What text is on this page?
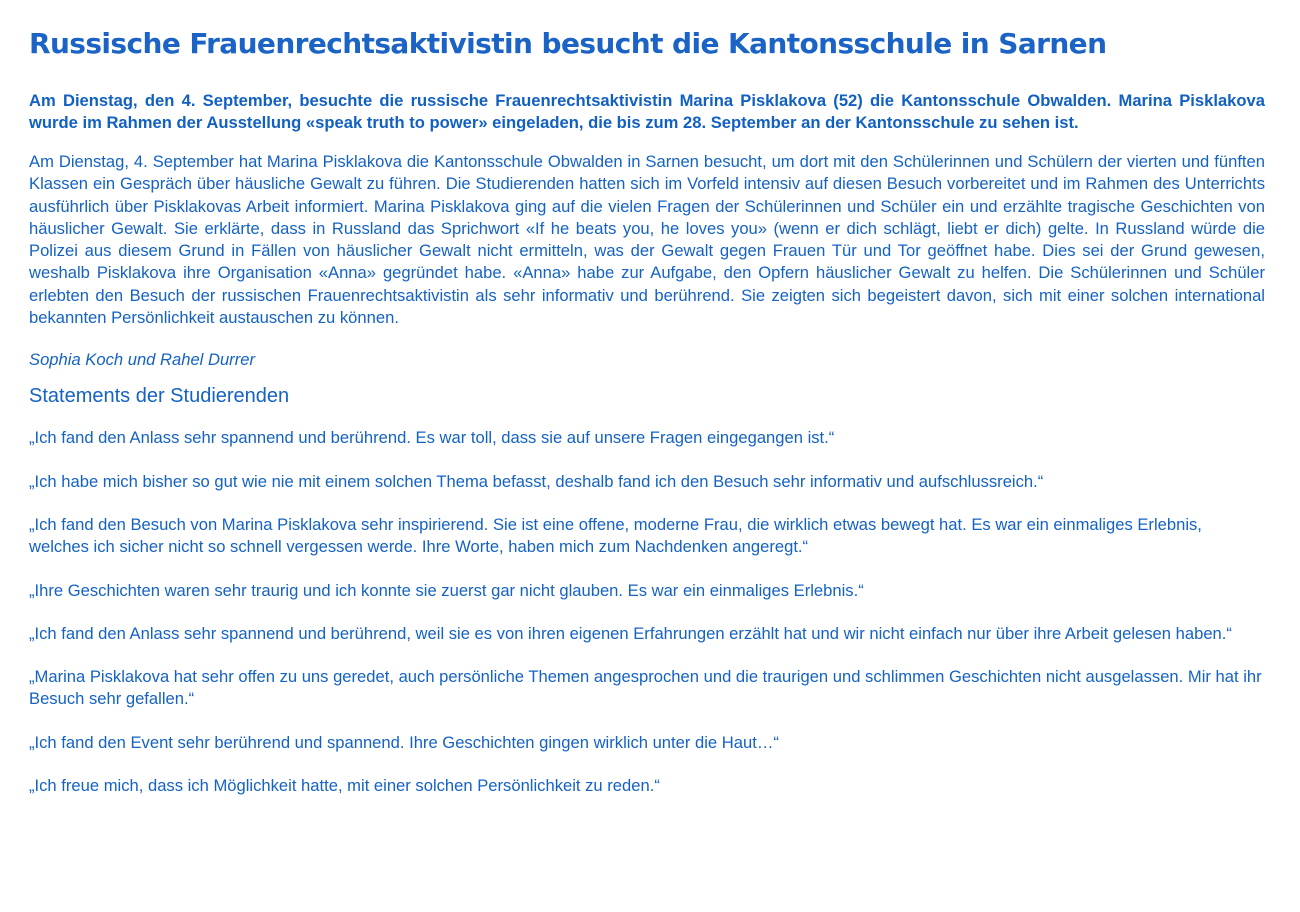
Russische Frauenrechtsaktivistin besucht die Kantonsschule in Sarnen

Am Dienstag, den 4. September, besuchte die russische Frauenrechtsaktivistin Marina Pisklakova (52) die Kantonsschule Obwalden. Marina Pisklakova wurde im Rahmen der Ausstellung «speak truth to power» eingeladen, die bis zum 28. September an der Kantonsschule zu sehen ist.

Am Dienstag, 4. September hat Marina Pisklakova die Kantonsschule Obwalden in Sarnen besucht, um dort mit den Schülerinnen und Schülern der vierten und fünften Klassen ein Gespräch über häusliche Gewalt zu führen. Die Studierenden hatten sich im Vorfeld intensiv auf diesen Besuch vorbereitet und im Rahmen des Unterrichts ausführlich über Pisklakovas Arbeit informiert. Marina Pisklakova ging auf die vielen Fragen der Schülerinnen und Schüler ein und erzählte tragische Geschichten von häuslicher Gewalt. Sie erklärte, dass in Russland das Sprichwort «If he beats you, he loves you» (wenn er dich schlägt, liebt er dich) gelte. In Russland würde die Polizei aus diesem Grund in Fällen von häuslicher Gewalt nicht ermitteln, was der Gewalt gegen Frauen Tür und Tor geöffnet habe. Dies sei der Grund gewesen, weshalb Pisklakova ihre Organisation «Anna» gegründet habe. «Anna» habe zur Aufgabe, den Opfern häuslicher Gewalt zu helfen. Die Schülerinnen und Schüler erlebten den Besuch der russischen Frauenrechtsaktivistin als sehr informativ und berührend. Sie zeigten sich begeistert davon, sich mit einer solchen international bekannten Persönlichkeit austauschen zu können.

Sophia Koch und Rahel Durrer

Statements der Studierenden
„Ich fand den Anlass sehr spannend und berührend. Es war toll, dass sie auf unsere Fragen eingegangen ist.“
„Ich habe mich bisher so gut wie nie mit einem solchen Thema befasst, deshalb fand ich den Besuch sehr informativ und aufschlussreich.“
„Ich fand den Besuch von Marina Pisklakova sehr inspirierend. Sie ist eine offene, moderne Frau, die wirklich etwas bewegt hat. Es war ein einmaliges Erlebnis, welches ich sicher nicht so schnell vergessen werde. Ihre Worte, haben mich zum Nachdenken angeregt.“
„Ihre Geschichten waren sehr traurig und ich konnte sie zuerst gar nicht glauben. Es war ein einmaliges Erlebnis.“
„Ich fand den Anlass sehr spannend und berührend, weil sie es von ihren eigenen Erfahrungen erzählt hat und wir nicht einfach nur über ihre Arbeit gelesen haben.“
„Marina Pisklakova hat sehr offen zu uns geredet, auch persönliche Themen angesprochen und die traurigen und schlimmen Geschichten nicht ausgelassen. Mir hat ihr Besuch sehr gefallen.“
„Ich fand den Event sehr berührend und spannend. Ihre Geschichten gingen wirklich unter die Haut…“
„Ich freue mich, dass ich Möglichkeit hatte, mit einer solchen Persönlichkeit zu reden.“
